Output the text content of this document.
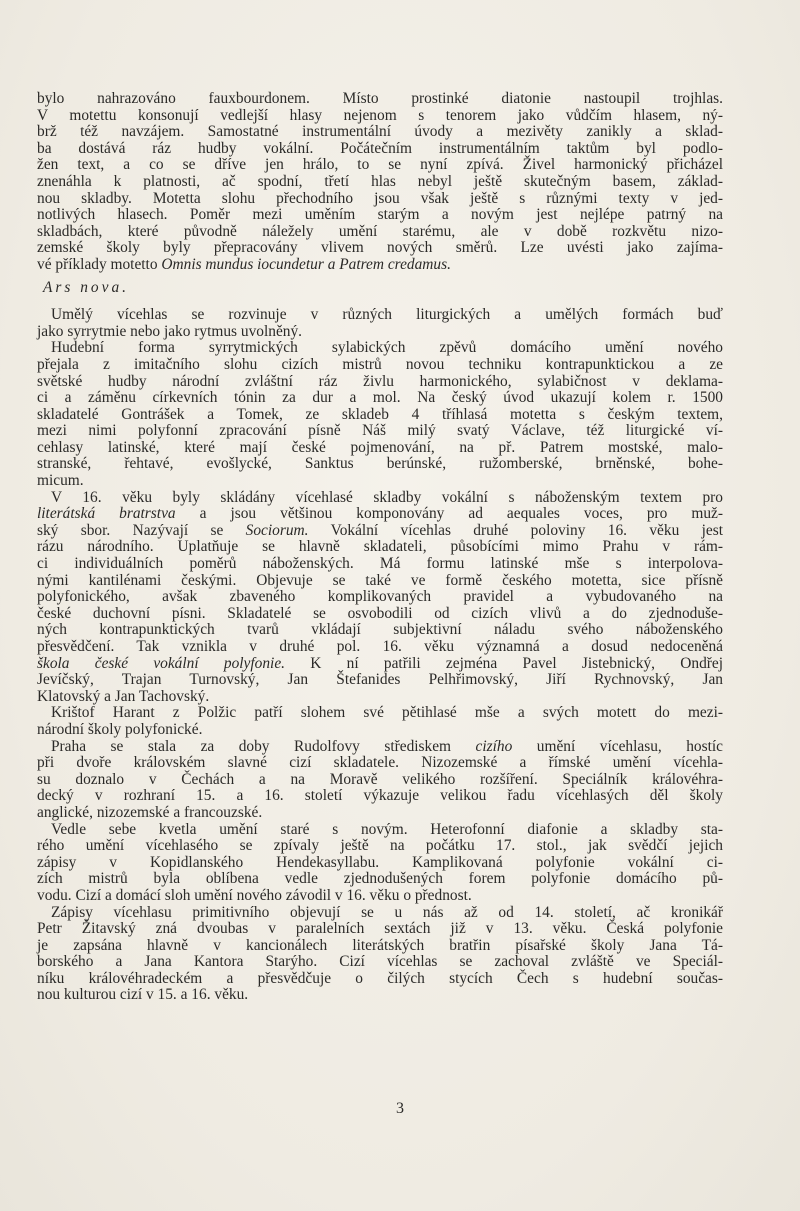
bylo nahrazováno fauxbourdonem. Místo prostinké diatonie nastoupil trojhlas.
V motettu konsonují vedlejší hlasy nejenom s tenorem jako vůdčím hlasem, ný-
brž též navzájem. Samostatné instrumentální úvody a mezivěty zanikly a sklad-
ba dostává ráz hudby vokální. Počátečním instrumentálním taktům byl podlo-
žen text, a co se dříve jen hrálo, to se nyní zpívá. Živel harmonický přicházel
znenáhla k platnosti, ač spodní, třetí hlas nebyl ještě skutečným basem, základ-
nou skladby. Motetta slohu přechodního jsou však ještě s různými texty v jed-
notlivých hlasech. Poměr mezi uměním starým a novým jest nejlépe patrný na
skladbách, které původně náležely umění starému, ale v době rozkvětu nizo-
zemské školy byly přepracovány vlivem nových směrů. Lze uvésti jako zajíma-
vé příklady motetto Omnis mundus iocundetur a Patrem credamus.
Ars nova.
Umělý vícehlas se rozvinuje v různých liturgických a umělých formách buď
jako syrrytmie nebo jako rytmus uvolněný.
Hudební forma syrrytmických sylabických zpěvů domácího umění nového
přejala z imitačního slohu cizích mistrů novou techniku kontrapunktickou a ze
světské hudby národní zvláštní ráz živlu harmonického, sylabičnost v deklama-
ci a záměnu církevních tónin za dur a mol. Na český úvod ukazují kolem r. 1500
skladatelé Gontrášek a Tomek, ze skladeb 4 tříhlasá motetta s českým textem,
mezi nimi polyfonní zpracování písně Náš milý svatý Václave, též liturgické ví-
cehlasy latinské, které mají české pojmenování, na př. Patrem mostské, malo-
stranské, řehtavé, evošlycké, Sanktus berúnské, ružomberské, brněnské, bohe-
micum.
V 16. věku byly skládány vícehlasé skladby vokální s náboženským textem pro
literátská bratrstva a jsou většinou komponovány ad aequales voces, pro muž-
ský sbor. Nazývají se Sociorum. Vokální vícehlas druhé poloviny 16. věku jest
rázu národního. Uplatňuje se hlavně skladateli, působícími mimo Prahu v rám-
ci individuálních poměrů náboženských. Má formu latinské mše s interpolova-
nými kantilénami českými. Objevuje se také ve formě českého motetta, sice přísně
polyfonického, avšak zbaveného komplikovaných pravidel a vybudovaného na
české duchovní písni. Skladatelé se osvobodili od cizích vlivů a do zjednoduše-
ných kontrapunktických tvarů vkládají subjektivní náladu svého náboženského
přesvědčení. Tak vznikla v druhé pol. 16. věku významná a dosud nedoceněná
škola české vokální polyfonie. K ní patřili zejména Pavel Jistebnický, Ondřej
Jevíčský, Trajan Turnovský, Jan Štefanides Pelhřimovský, Jiří Rychnovský, Jan
Klatovský a Jan Tachovský.
Krištof Harant z Polžic patří slohem své pětihlasé mše a svých motett do mezi-
národní školy polyfonické.
Praha se stala za doby Rudolfovy střediskem cizího umění vícehlasu, hostíc
při dvoře královském slavné cizí skladatele. Nizozemské a římské umění vícehla-
su doznalo v Čechách a na Moravě velikého rozšíření. Speciálník královéhra-
decký v rozhraní 15. a 16. století výkazuje velikou řadu vícehlasých děl školy
anglické, nizozemské a francouzské.
Vedle sebe kvetla umění staré s novým. Heterofonní diafonie a skladby sta-
rého umění vícehlasého se zpívaly ještě na počátku 17. stol., jak svědčí jejich
zápisy v Kopidlanského Hendekasyllabu. Kamplikovaná polyfonie vokální ci-
zích mistrů byla oblíbena vedle zjednodušených forem polyfonie domácího pů-
vodu. Cizí a domácí sloh umění nového závodil v 16. věku o přednost.
Zápisy vícehlasu primitivního objevují se u nás až od 14. století, ač kronikář
Petr Žitavský zná dvoubas v paralelních sextách již v 13. věku. Česká polyfonie
je zapsána hlavně v kancionálech literátských bratřin písařské školy Jana Tá-
borského a Jana Kantora Starýho. Cizí vícehlas se zachoval zvláště ve Speciál-
níku královéhradeckém a přesvědčuje o čilých stycích Čech s hudební součas-
nou kulturou cizí v 15. a 16. věku.
3
